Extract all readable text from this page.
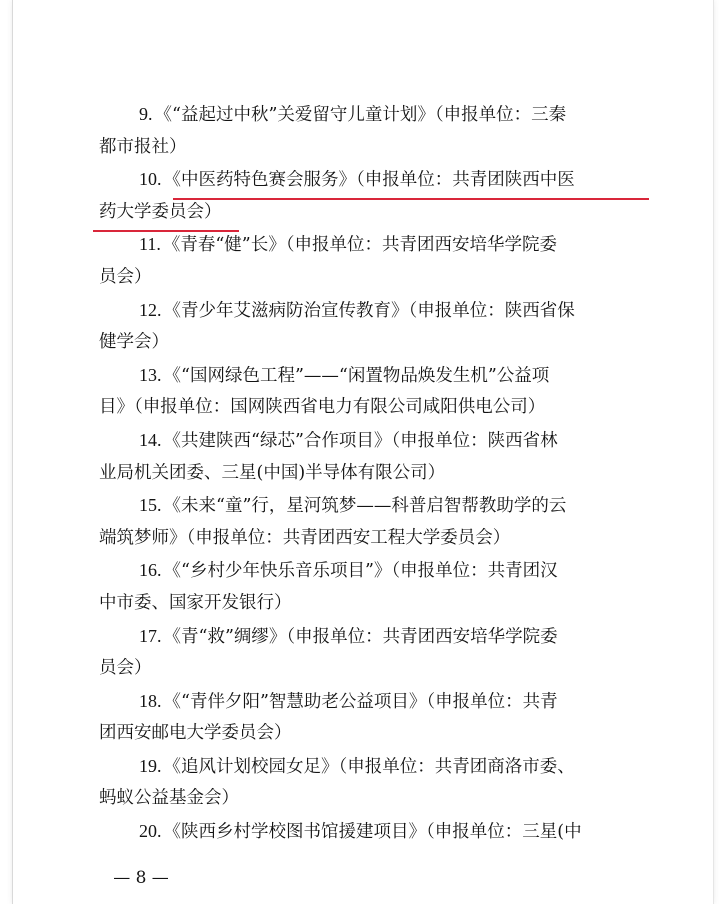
9. 《“益起过中秋”关爱留守儿童计划》（申报单位：三秦
都市报社）
10. 《中医药特色赛会服务》（申报单位：共青团陕西中医
药大学委员会）
11. 《青春“健”长》（申报单位：共青团西安培华学院委
员会）
12. 《青少年艾滋病防治宣传教育》（申报单位：陕西省保
健学会）
13. 《“国网绿色工程”——“闲置物品焕发生机”公益项
目》（申报单位：国网陕西省电力有限公司咸阳供电公司）
14. 《共建陕西“绿芯”合作项目》（申报单位：陕西省林
业局机关团委、三星(中国)半导体有限公司）
15. 《未来“童”行，星河筑梦——科普启智帮教助学的云
端筑梦师》（申报单位：共青团西安工程大学委员会）
16. 《“乡村少年快乐音乐项目”》（申报单位：共青团汉
中市委、国家开发银行）
17. 《青“救”绸缪》（申报单位：共青团西安培华学院委
员会）
18. 《“青伴夕阳”智慧助老公益项目》（申报单位：共青
团西安邮电大学委员会）
19. 《追风计划校园女足》（申报单位：共青团商洛市委、
蚂蚁公益基金会）
20. 《陕西乡村学校图书馆援建项目》（申报单位：三星(中
— 8 —
